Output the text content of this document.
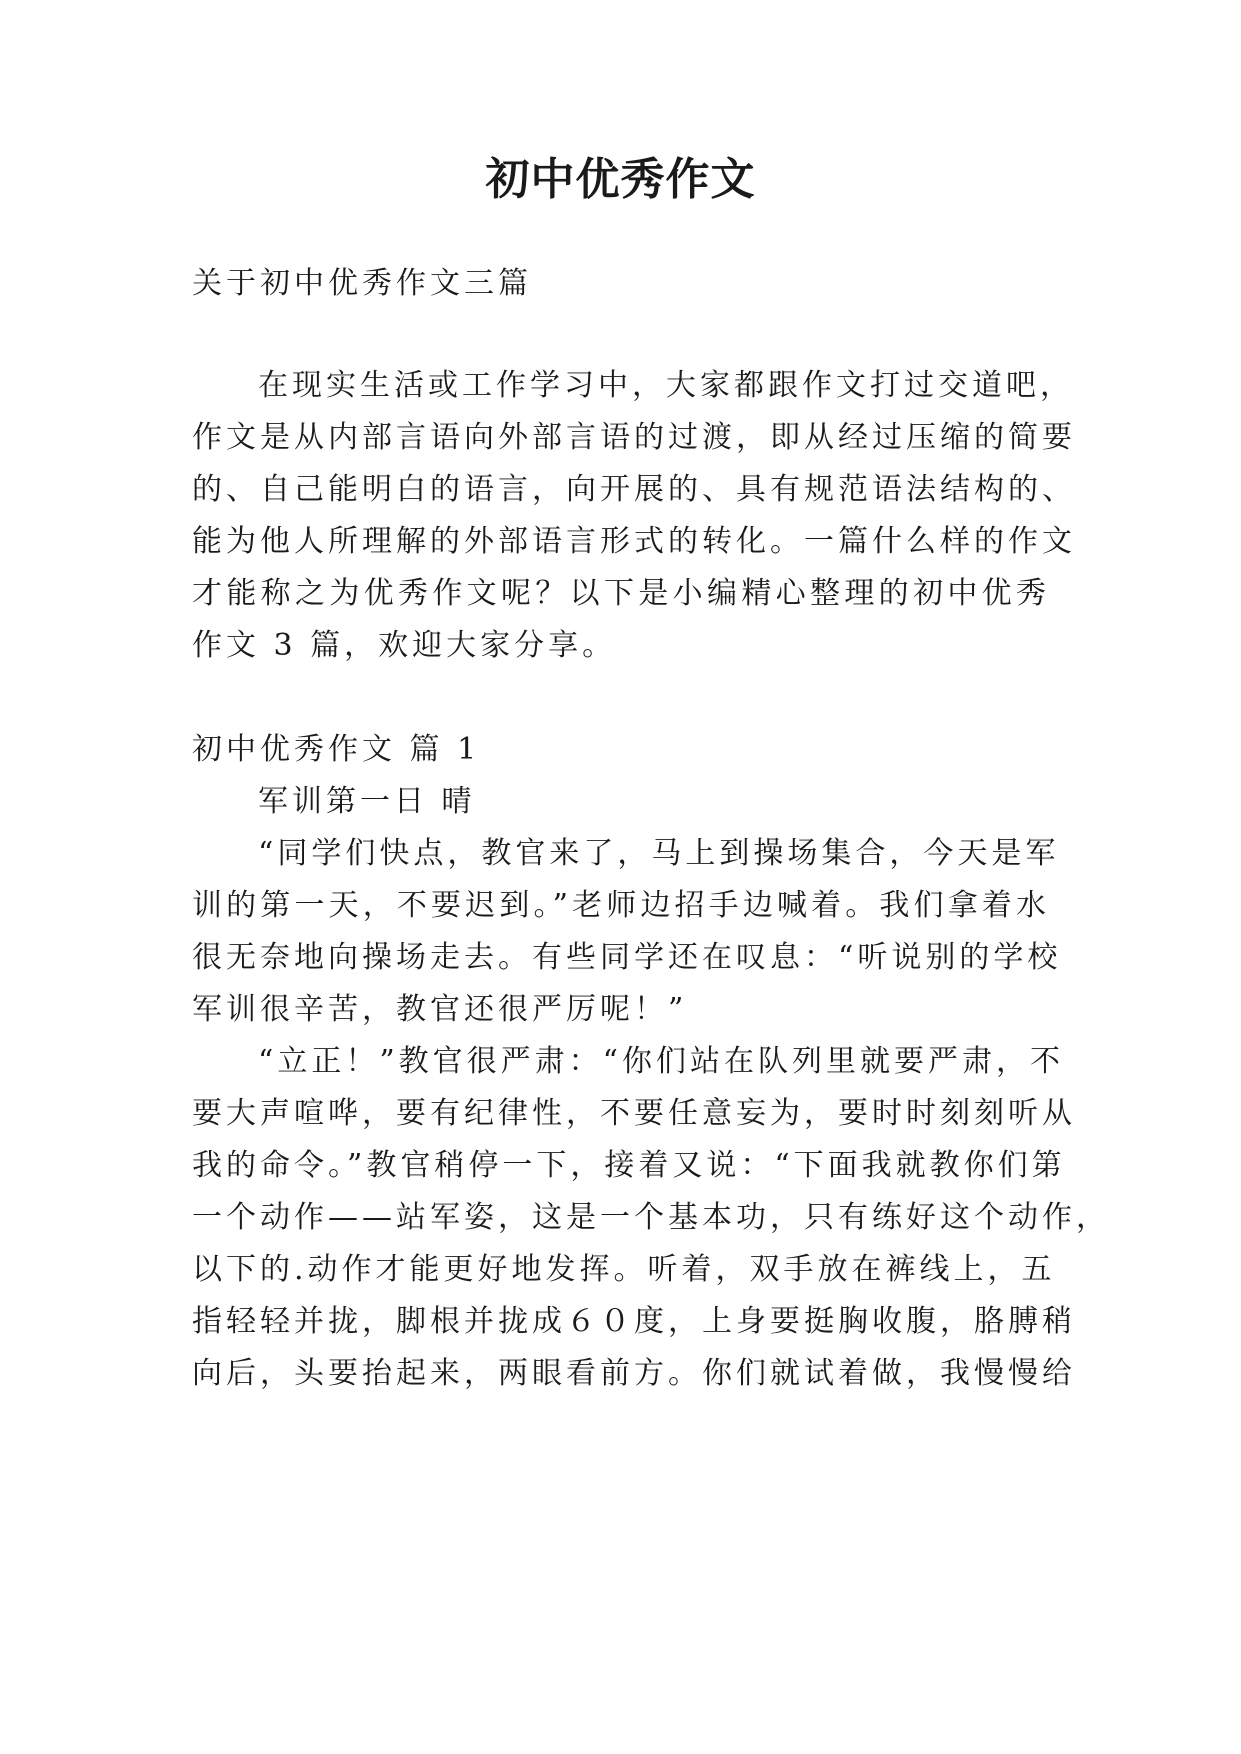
初中优秀作文

关于初中优秀作文三篇

在现实生活或工作学习中，大家都跟作文打过交道吧，

作文是从内部言语向外部言语的过渡，即从经过压缩的简要

的、自己能明白的语言，向开展的、具有规范语法结构的、

能为他人所理解的外部语言形式的转化。一篇什么样的作文

才能称之为优秀作文呢？以下是小编精心整理的初中优秀

作文 3 篇，欢迎大家分享。

初中优秀作文 篇 1

军训第一日 晴

“同学们快点，教官来了，马上到操场集合，今天是军

训的第一天，不要迟到。”老师边招手边喊着。我们拿着水

很无奈地向操场走去。有些同学还在叹息：“听说别的学校

军训很辛苦，教官还很严厉呢！”

“立正！”教官很严肃：“你们站在队列里就要严肃，不

要大声喧哗，要有纪律性，不要任意妄为，要时时刻刻听从

我的命令。”教官稍停一下，接着又说：“下面我就教你们第

一个动作——站军姿，这是一个基本功，只有练好这个动作，

以下的.动作才能更好地发挥。听着，双手放在裤线上，五

指轻轻并拢，脚根并拢成６０度，上身要挺胸收腹，胳膊稍

向后，头要抬起来，两眼看前方。你们就试着做，我慢慢给
